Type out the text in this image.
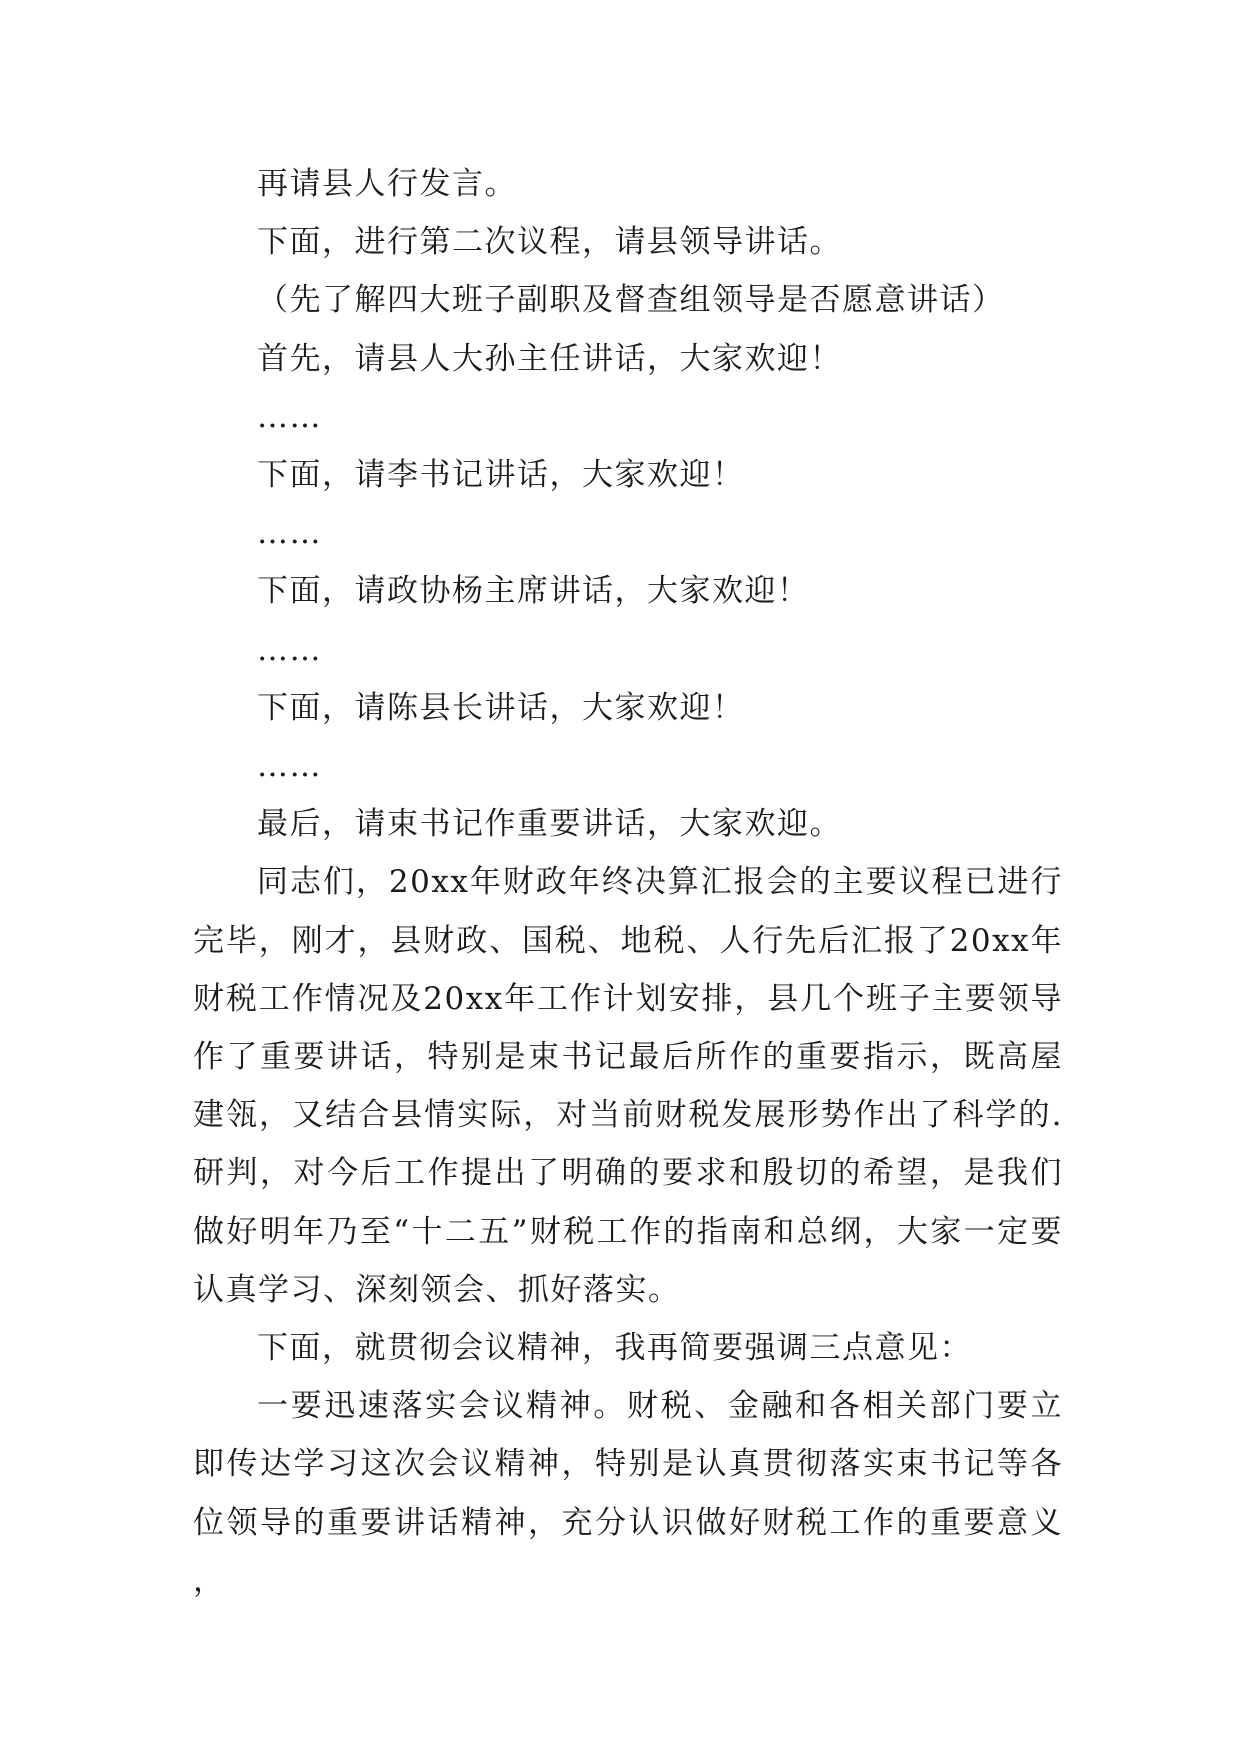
再请县人行发言。

下面，进行第二次议程，请县领导讲话。

（先了解四大班子副职及督查组领导是否愿意讲话）

首先，请县人大孙主任讲话，大家欢迎！

……

下面，请李书记讲话，大家欢迎！

……

下面，请政协杨主席讲话，大家欢迎！

……

下面，请陈县长讲话，大家欢迎！

……

最后，请束书记作重要讲话，大家欢迎。

同志们，20xx年财政年终决算汇报会的主要议程已进行完毕，刚才，县财政、国税、地税、人行先后汇报了20xx年财税工作情况及20xx年工作计划安排，县几个班子主要领导作了重要讲话，特别是束书记最后所作的重要指示，既高屋建瓴，又结合县情实际，对当前财税发展形势作出了科学的.研判，对今后工作提出了明确的要求和殷切的希望，是我们做好明年乃至“十二五”财税工作的指南和总纲，大家一定要认真学习、深刻领会、抓好落实。

下面，就贯彻会议精神，我再简要强调三点意见：

一要迅速落实会议精神。财税、金融和各相关部门要立即传达学习这次会议精神，特别是认真贯彻落实束书记等各位领导的重要讲话精神，充分认识做好财税工作的重要意义，
